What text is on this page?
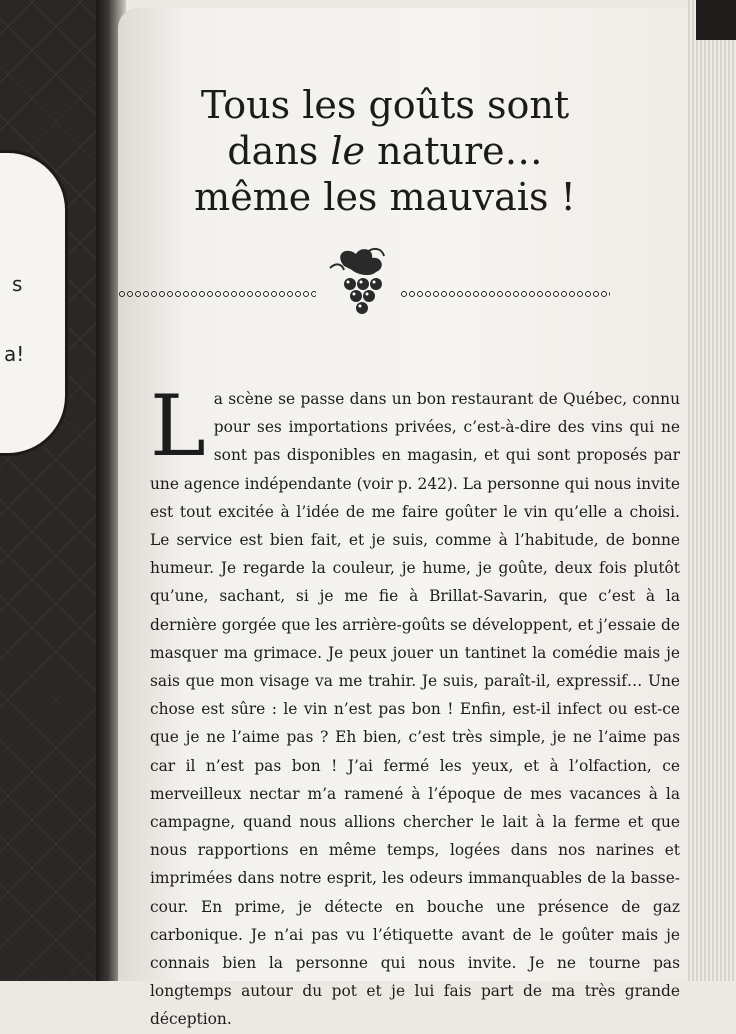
s
a!
Tous les goûts sont
dans le nature…
même les mauvais !
L a scène se passe dans un bon restaurant de Québec, connu pour ses importations privées, c’est-à-dire des vins qui ne sont pas disponibles en magasin, et qui sont proposés par une agence indépendante (voir p. 242). La personne qui nous invite est tout excitée à l’idée de me faire goûter le vin qu’elle a choisi. Le service est bien fait, et je suis, comme à l’habitude, de bonne humeur. Je regarde la couleur, je hume, je goûte, deux fois plutôt qu’une, sachant, si je me fie à Brillat-Savarin, que c’est à la dernière gorgée que les arrière-goûts se développent, et j’essaie de masquer ma grimace. Je peux jouer un tantinet la comédie mais je sais que mon visage va me trahir. Je suis, paraît-il, expressif… Une chose est sûre : le vin n’est pas bon ! Enfin, est-il infect ou est-ce que je ne l’aime pas ? Eh bien, c’est très simple, je ne l’aime pas car il n’est pas bon ! J’ai fermé les yeux, et à l’olfaction, ce merveilleux nectar m’a ramené à l’époque de mes vacances à la campagne, quand nous allions chercher le lait à la ferme et que nous rapportions en même temps, logées dans nos narines et imprimées dans notre esprit, les odeurs immanquables de la basse-cour. En prime, je détecte en bouche une présence de gaz carbonique. Je n’ai pas vu l’étiquette avant de le goûter mais je connais bien la personne qui nous invite. Je ne tourne pas longtemps autour du pot et je lui fais part de ma très grande déception.
